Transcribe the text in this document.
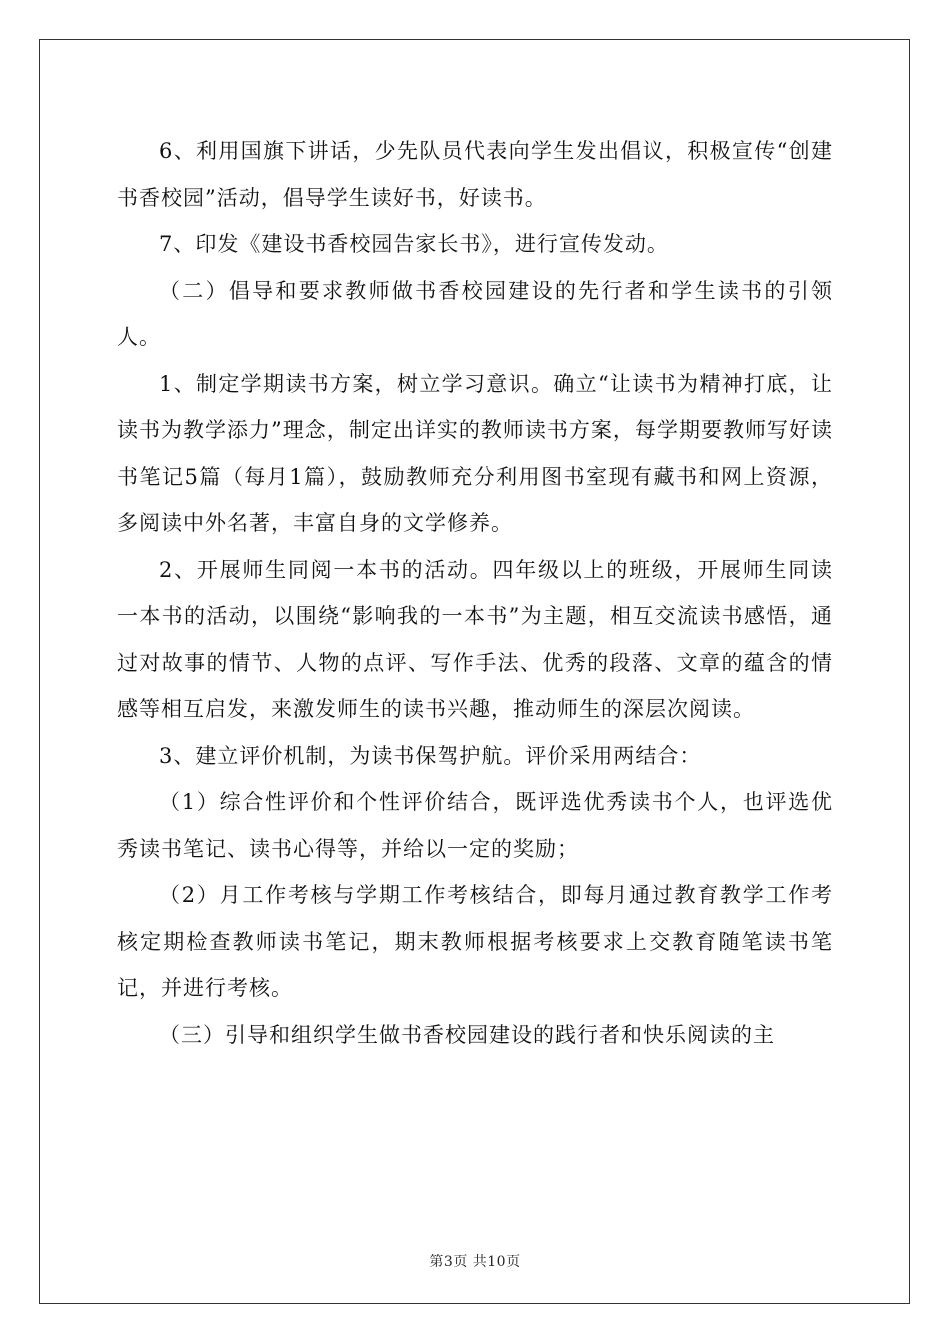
6、利用国旗下讲话，少先队员代表向学生发出倡议，积极宣传“创建书香校园”活动，倡导学生读好书，好读书。

7、印发《建设书香校园告家长书》，进行宣传发动。

（二）倡导和要求教师做书香校园建设的先行者和学生读书的引领人。

1、制定学期读书方案，树立学习意识。确立“让读书为精神打底，让读书为教学添力”理念，制定出详实的教师读书方案，每学期要教师写好读书笔记5篇（每月1篇），鼓励教师充分利用图书室现有藏书和网上资源，多阅读中外名著，丰富自身的文学修养。

2、开展师生同阅一本书的活动。四年级以上的班级，开展师生同读一本书的活动，以围绕“影响我的一本书”为主题，相互交流读书感悟，通过对故事的情节、人物的点评、写作手法、优秀的段落、文章的蕴含的情感等相互启发，来激发师生的读书兴趣，推动师生的深层次阅读。

3、建立评价机制，为读书保驾护航。评价采用两结合：

（1）综合性评价和个性评价结合，既评选优秀读书个人，也评选优秀读书笔记、读书心得等，并给以一定的奖励；

（2）月工作考核与学期工作考核结合，即每月通过教育教学工作考核定期检查教师读书笔记，期末教师根据考核要求上交教育随笔读书笔记，并进行考核。

（三）引导和组织学生做书香校园建设的践行者和快乐阅读的主

第3页 共10页
